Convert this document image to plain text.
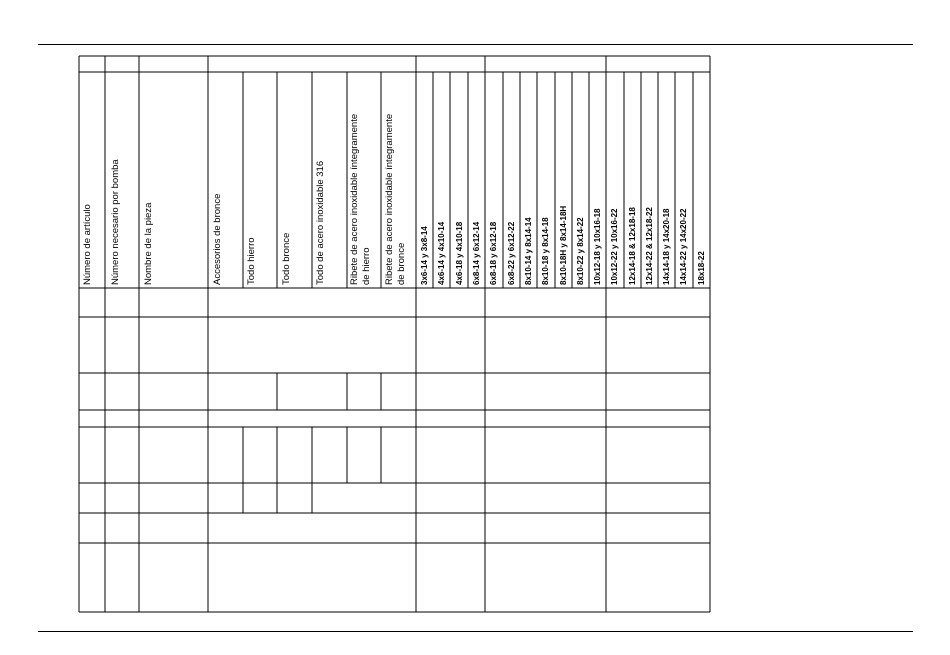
Número de artículo Número necesario por bomba Nombre de la pieza	Accesorios de bronce Todo hierro	Todo bronce Todo de acero inoxidable 316 Ribete de acero inoxidable íntegramente de hierro Ribete de acero inoxidable íntegramente de bronce 3x6-14 y 3x8-14 4x6-14 y 4x10-14 4x6-18 y 4x10-18 6x8-14 y 6x12-14 6x8-18 y 6x12-18 6x8-22 y 6x12-22 8x10-14 y 8x14-14 8x10-18 y 8x14-18 8x10-18H y 8x14-18H 8x10-22 y 8x14-22 10x12-18 y 10x16-18 10x12-22 y 10x16-22 12x14-18 & 12x18-18 12x14-22 & 12x18-22 14x14-18 y 14x20-18 14x14-22 y 14x20-22 18x18-22
